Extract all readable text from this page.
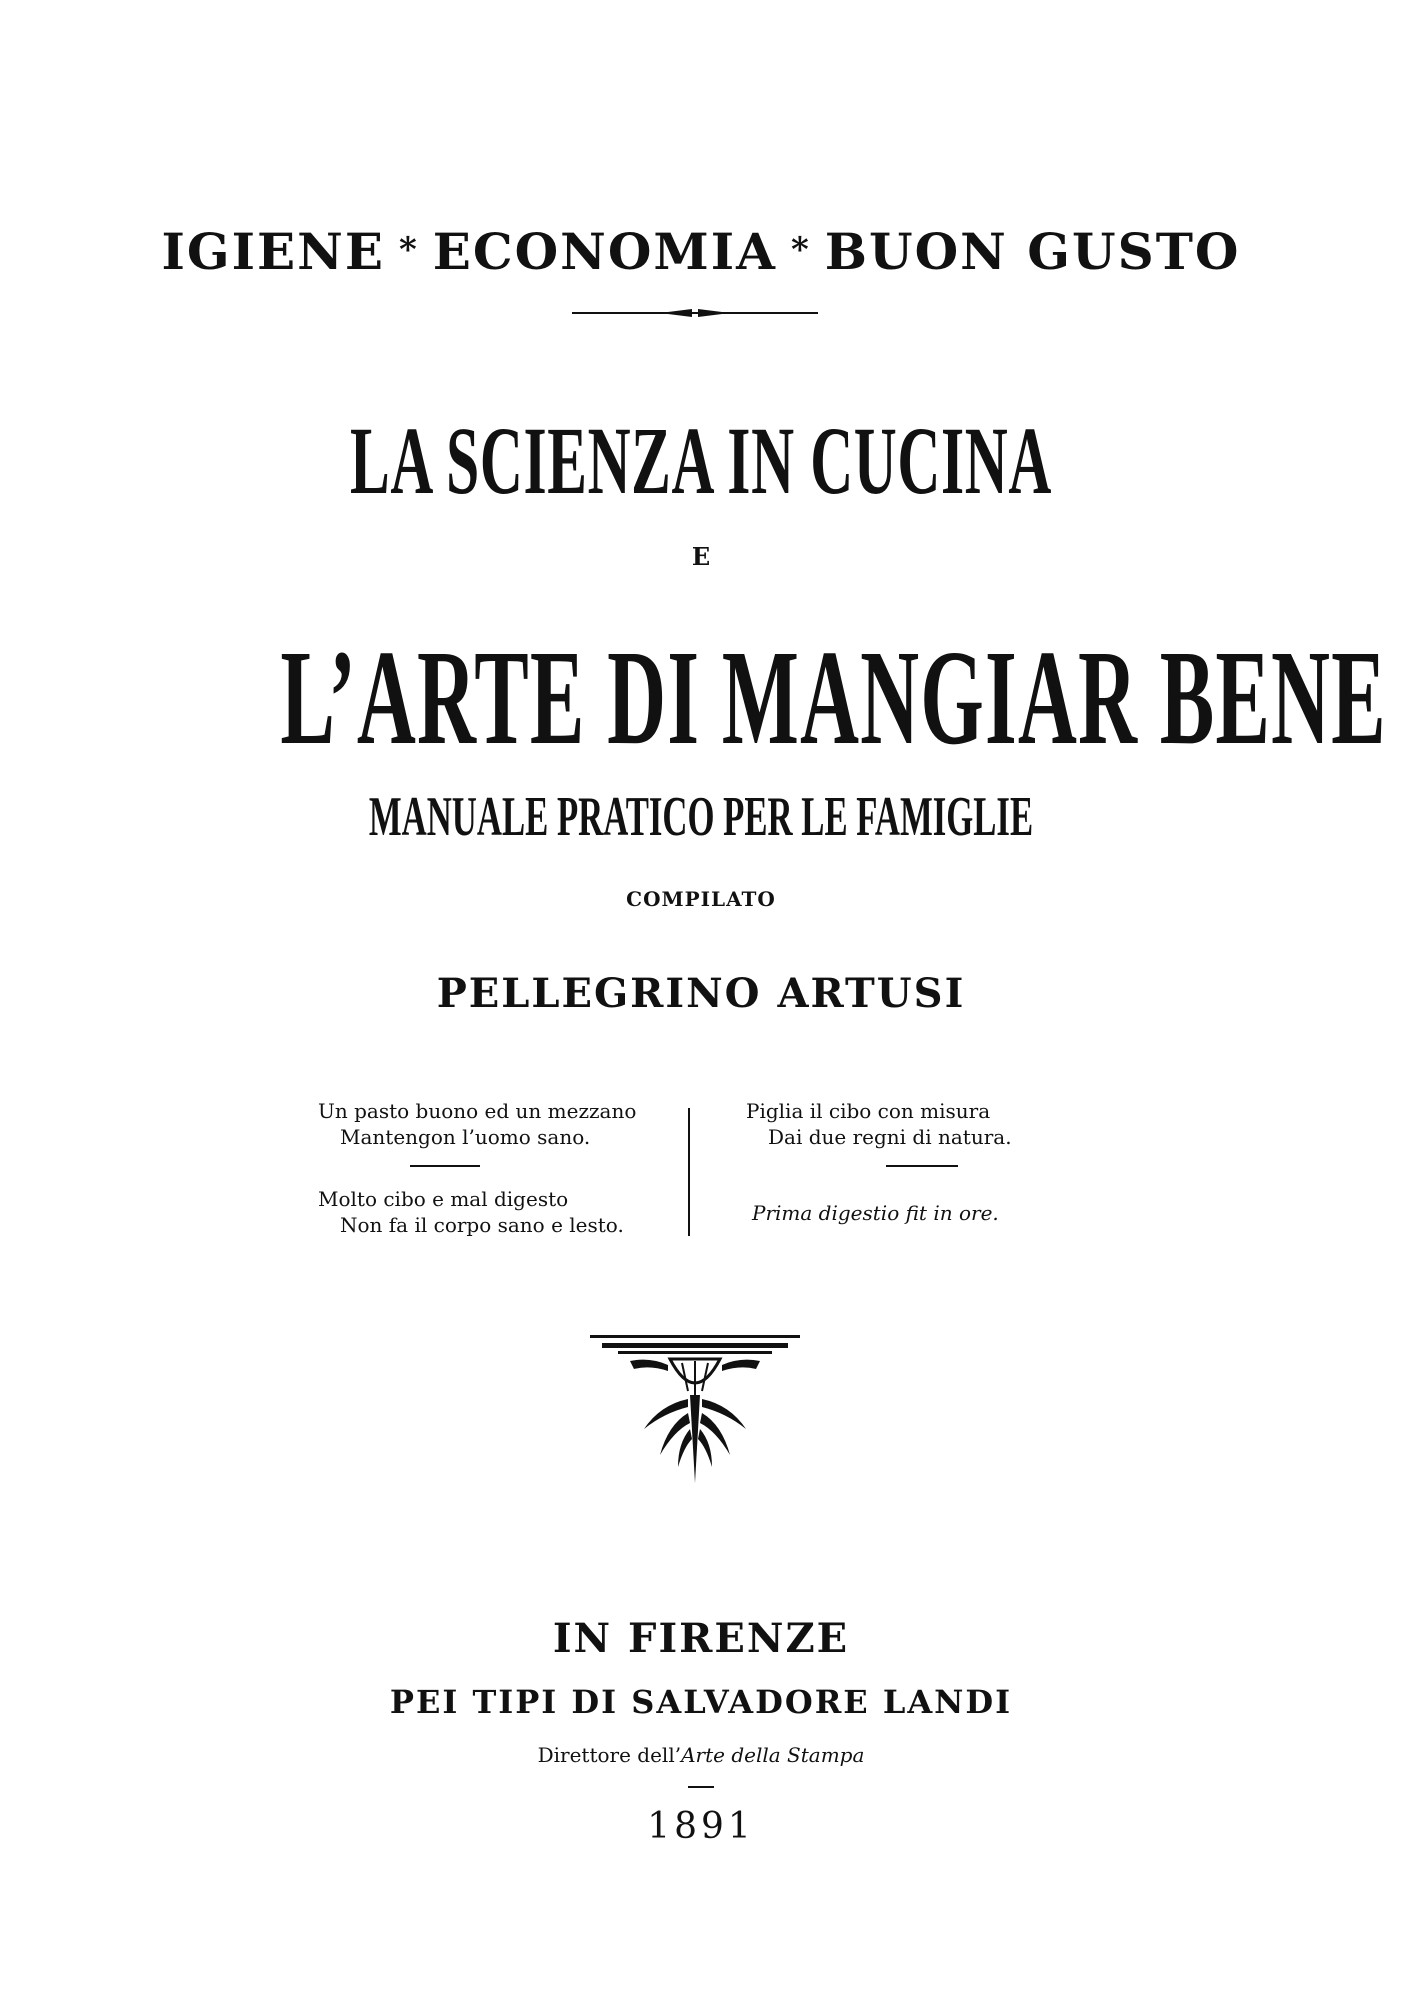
IGIENE * ECONOMIA * BUON GUSTO
LA SCIENZA IN CUCINA
E
L’ARTE DI MANGIAR BENE
MANUALE PRATICO PER LE FAMIGLIE
COMPILATO
PELLEGRINO ARTUSI
Un pasto buono ed un mezzano
Mantengon l’uomo sano.
Molto cibo e mal digesto
Non fa il corpo sano e lesto.
Piglia il cibo con misura
Dai due regni di natura.
Prima digestio fit in ore.
IN FIRENZE
PEI TIPI DI SALVADORE LANDI
Direttore dell’Arte della Stampa
1891
